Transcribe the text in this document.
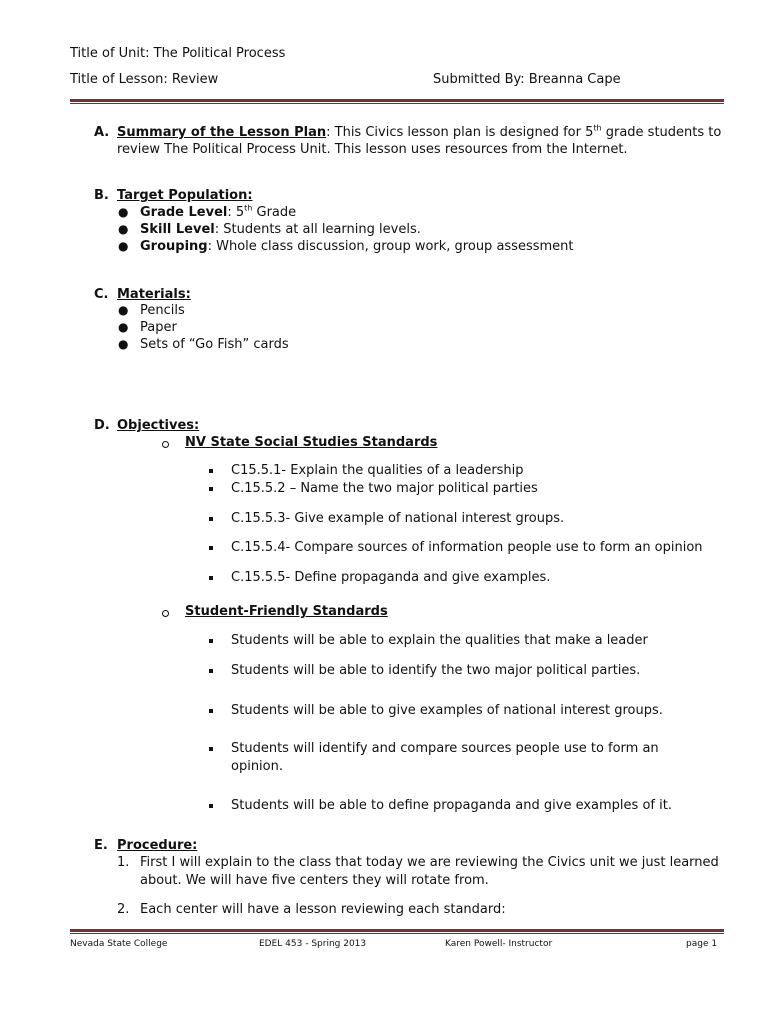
Title of Unit: The Political Process
Title of Lesson: Review	Submitted By: Breanna Cape
A. Summary of the Lesson Plan: This Civics lesson plan is designed for 5th grade students to
review The Political Process Unit. This lesson uses resources from the Internet.
B. Target Population:
● Grade Level: 5th Grade
● Skill Level: Students at all learning levels.
● Grouping: Whole class discussion, group work, group assessment
C. Materials:
● Pencils
● Paper
● Sets of “Go Fish” cards
D. Objectives:
NV State Social Studies Standards
C15.5.1- Explain the qualities of a leadership
C.15.5.2 – Name the two major political parties
C.15.5.3- Give example of national interest groups.
C.15.5.4- Compare sources of information people use to form an opinion
C.15.5.5- Define propaganda and give examples.
Student-Friendly Standards
Students will be able to explain the qualities that make a leader
Students will be able to identify the two major political parties.
Students will be able to give examples of national interest groups.
Students will identify and compare sources people use to form an
opinion.
Students will be able to define propaganda and give examples of it.
E. Procedure:
1. First I will explain to the class that today we are reviewing the Civics unit we just learned
about. We will have five centers they will rotate from.
2. Each center will have a lesson reviewing each standard:
Nevada State College	EDEL 453 - Spring 2013	Karen Powell- Instructor	page 1
